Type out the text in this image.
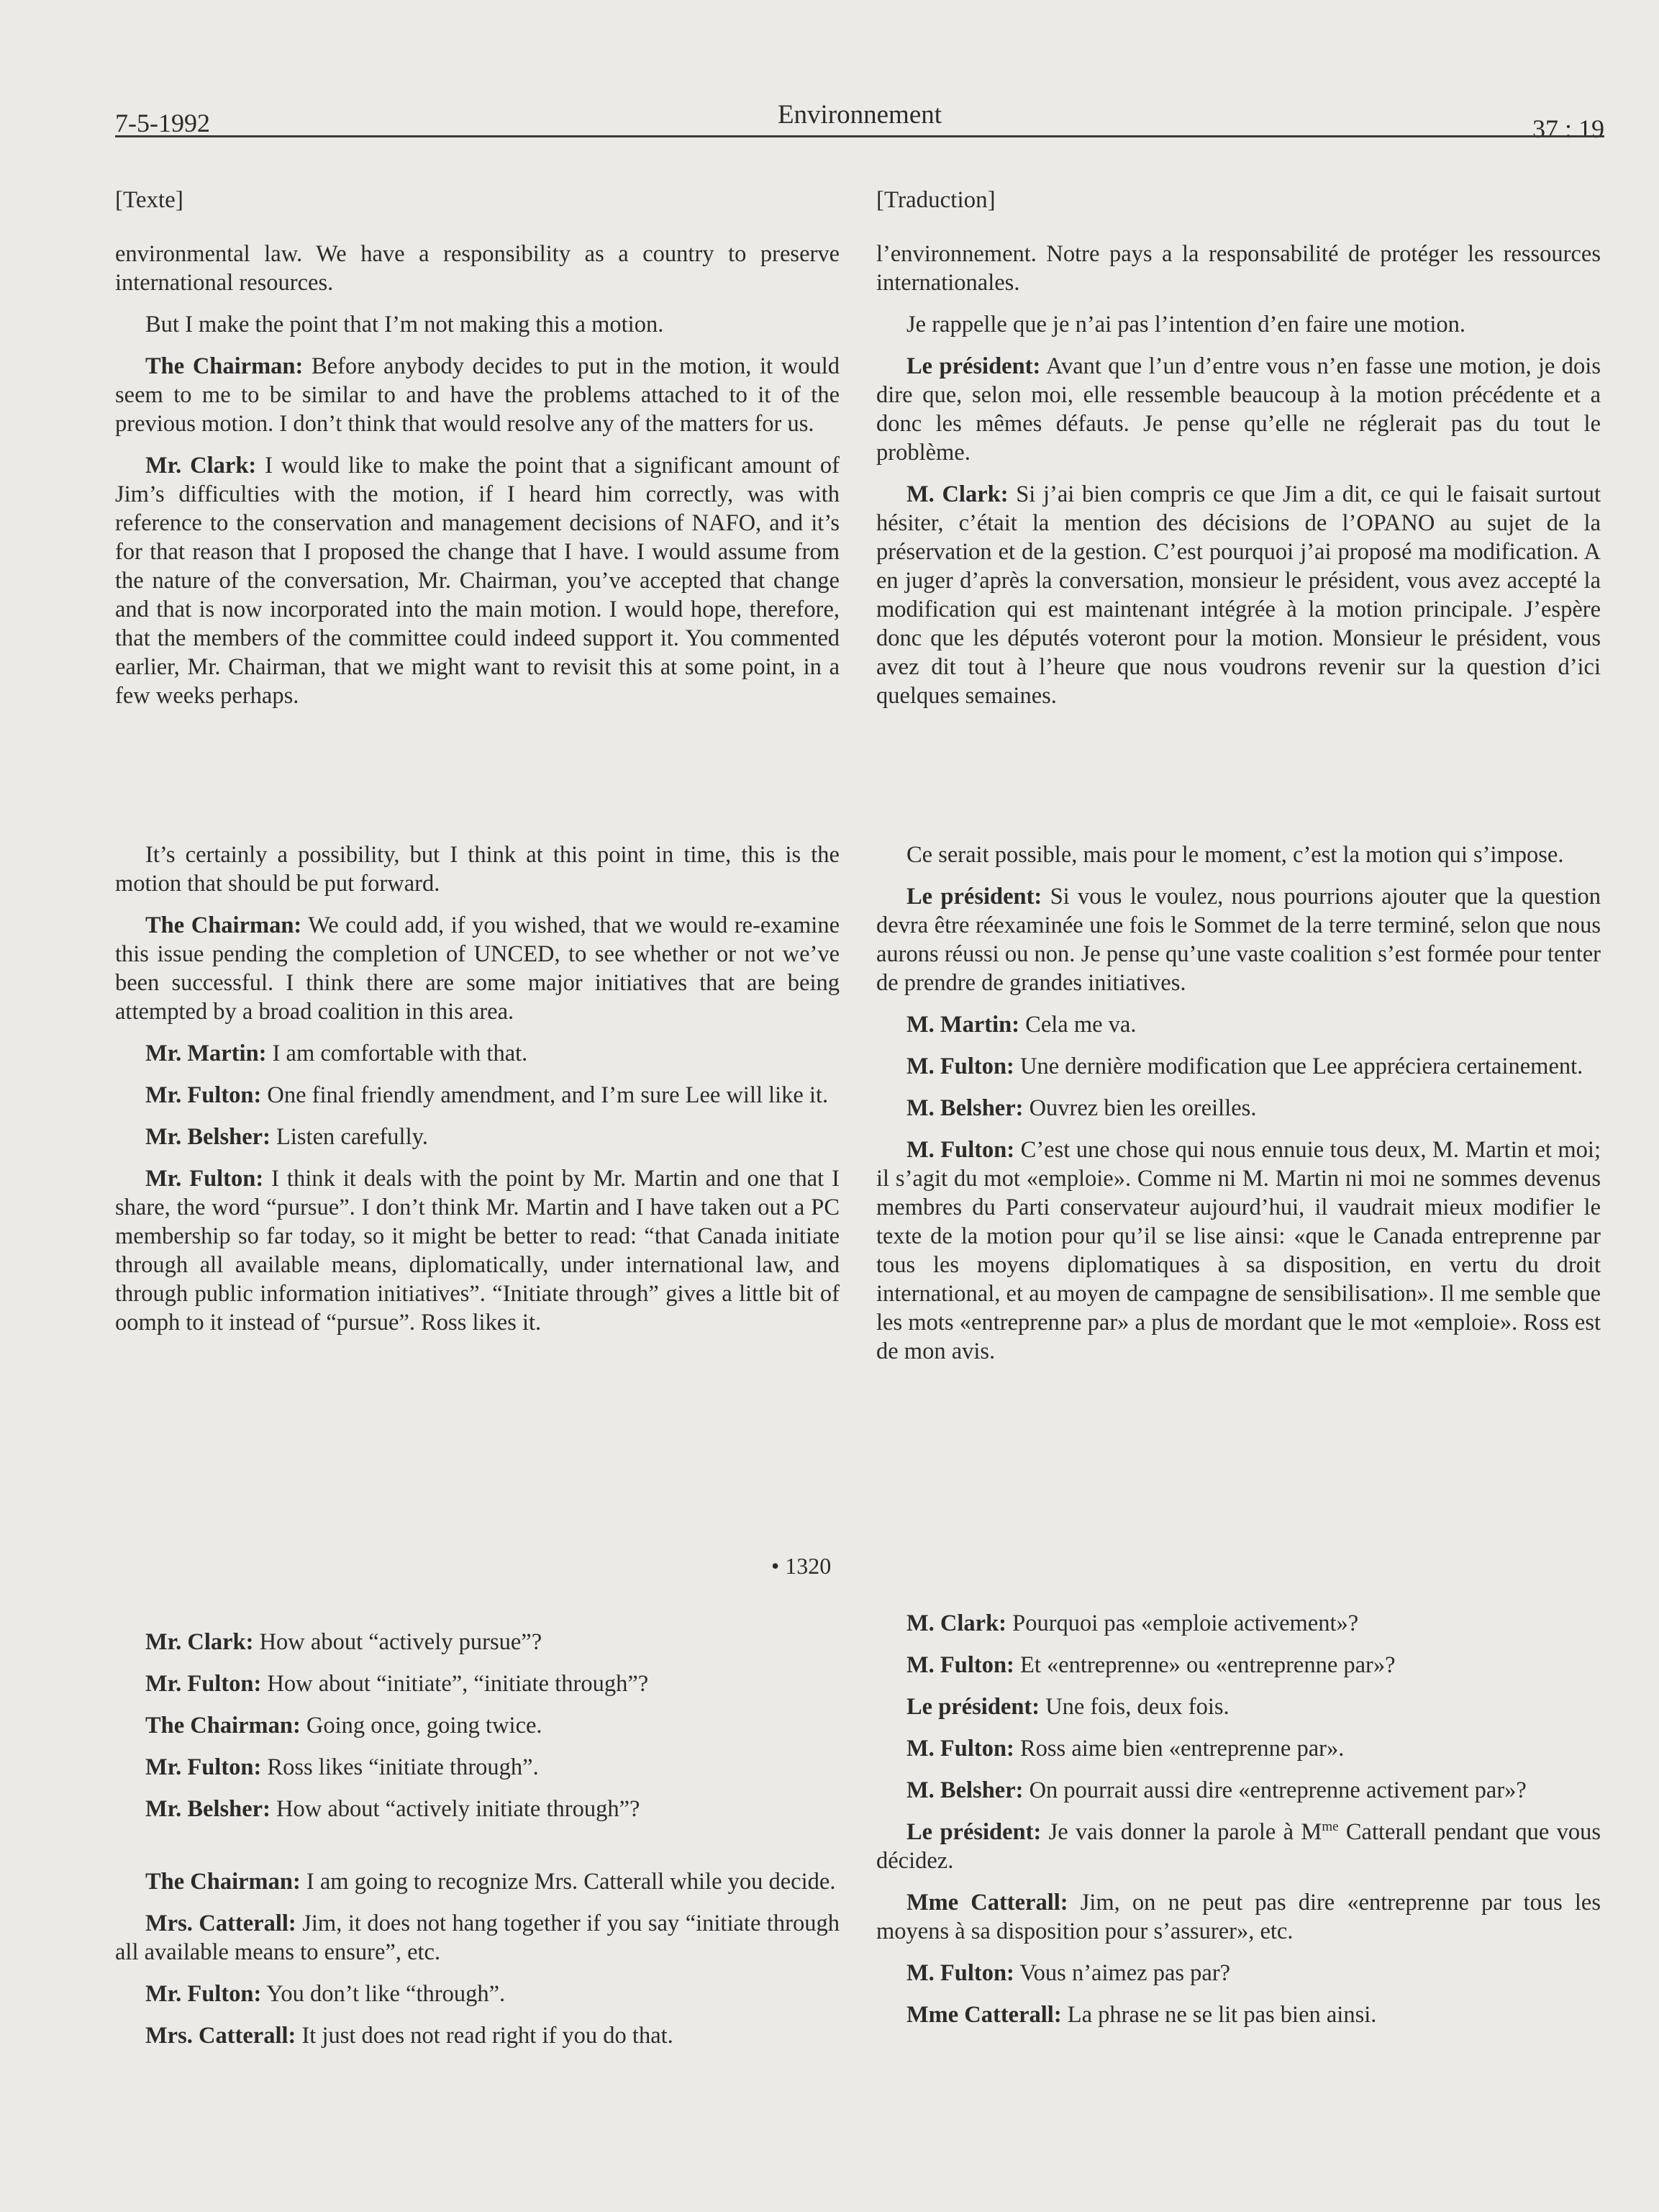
Environnement
7-5-1992	37 : 19
[Texte]

environmental law. We have a responsibility as a country to preserve international resources.

But I make the point that I’m not making this a motion.

The Chairman: Before anybody decides to put in the motion, it would seem to me to be similar to and have the problems attached to it of the previous motion. I don’t think that would resolve any of the matters for us.

Mr. Clark: I would like to make the point that a significant amount of Jim’s difficulties with the motion, if I heard him correctly, was with reference to the conservation and management decisions of NAFO, and it’s for that reason that I proposed the change that I have. I would assume from the nature of the conversation, Mr. Chairman, you’ve accepted that change and that is now incorporated into the main motion. I would hope, therefore, that the members of the committee could indeed support it. You commented earlier, Mr. Chairman, that we might want to revisit this at some point, in a few weeks perhaps.

It’s certainly a possibility, but I think at this point in time, this is the motion that should be put forward.

The Chairman: We could add, if you wished, that we would re-examine this issue pending the completion of UNCED, to see whether or not we’ve been successful. I think there are some major initiatives that are being attempted by a broad coalition in this area.

Mr. Martin: I am comfortable with that.

Mr. Fulton: One final friendly amendment, and I’m sure Lee will like it.

Mr. Belsher: Listen carefully.

Mr. Fulton: I think it deals with the point by Mr. Martin and one that I share, the word “pursue”. I don’t think Mr. Martin and I have taken out a PC membership so far today, so it might be better to read: “that Canada initiate through all available means, diplomatically, under international law, and through public information initiatives”. “Initiate through” gives a little bit of oomph to it instead of “pursue”. Ross likes it.

• 1320

Mr. Clark: How about “actively pursue”?

Mr. Fulton: How about “initiate”, “initiate through”?

The Chairman: Going once, going twice.

Mr. Fulton: Ross likes “initiate through”.

Mr. Belsher: How about “actively initiate through”?

The Chairman: I am going to recognize Mrs. Catterall while you decide.

Mrs. Catterall: Jim, it does not hang together if you say “initiate through all available means to ensure”, etc.

Mr. Fulton: You don’t like “through”.

Mrs. Catterall: It just does not read right if you do that.

[Traduction]

l’environnement. Notre pays a la responsabilité de protéger les ressources internationales.

Je rappelle que je n’ai pas l’intention d’en faire une motion.

Le président: Avant que l’un d’entre vous n’en fasse une motion, je dois dire que, selon moi, elle ressemble beaucoup à la motion précédente et a donc les mêmes défauts. Je pense qu’elle ne réglerait pas du tout le problème.

M. Clark: Si j’ai bien compris ce que Jim a dit, ce qui le faisait surtout hésiter, c’était la mention des décisions de l’OPANO au sujet de la préservation et de la gestion. C’est pourquoi j’ai proposé ma modification. A en juger d’après la conversation, monsieur le président, vous avez accepté la modification qui est maintenant intégrée à la motion principale. J’espère donc que les députés voteront pour la motion. Monsieur le président, vous avez dit tout à l’heure que nous voudrons revenir sur la question d’ici quelques semaines.

Ce serait possible, mais pour le moment, c’est la motion qui s’impose.

Le président: Si vous le voulez, nous pourrions ajouter que la question devra être réexaminée une fois le Sommet de la terre terminé, selon que nous aurons réussi ou non. Je pense qu’une vaste coalition s’est formée pour tenter de prendre de grandes initiatives.

M. Martin: Cela me va.

M. Fulton: Une dernière modification que Lee appréciera certainement.

M. Belsher: Ouvrez bien les oreilles.

M. Fulton: C’est une chose qui nous ennuie tous deux, M. Martin et moi; il s’agit du mot «emploie». Comme ni M. Martin ni moi ne sommes devenus membres du Parti conservateur aujourd’hui, il vaudrait mieux modifier le texte de la motion pour qu’il se lise ainsi: «que le Canada entreprenne par tous les moyens diplomatiques à sa disposition, en vertu du droit international, et au moyen de campagne de sensibilisation». Il me semble que les mots «entreprenne par» a plus de mordant que le mot «emploie». Ross est de mon avis.

M. Clark: Pourquoi pas «emploie activement»?

M. Fulton: Et «entreprenne» ou «entreprenne par»?

Le président: Une fois, deux fois.

M. Fulton: Ross aime bien «entreprenne par».

M. Belsher: On pourrait aussi dire «entreprenne activement par»?

Le président: Je vais donner la parole à $M^{me}$ Catterall pendant que vous décidez.

Mme Catterall: Jim, on ne peut pas dire «entreprenne par tous les moyens à sa disposition pour s’assurer», etc.

M. Fulton: Vous n’aimez pas par?

Mme Catterall: La phrase ne se lit pas bien ainsi.
